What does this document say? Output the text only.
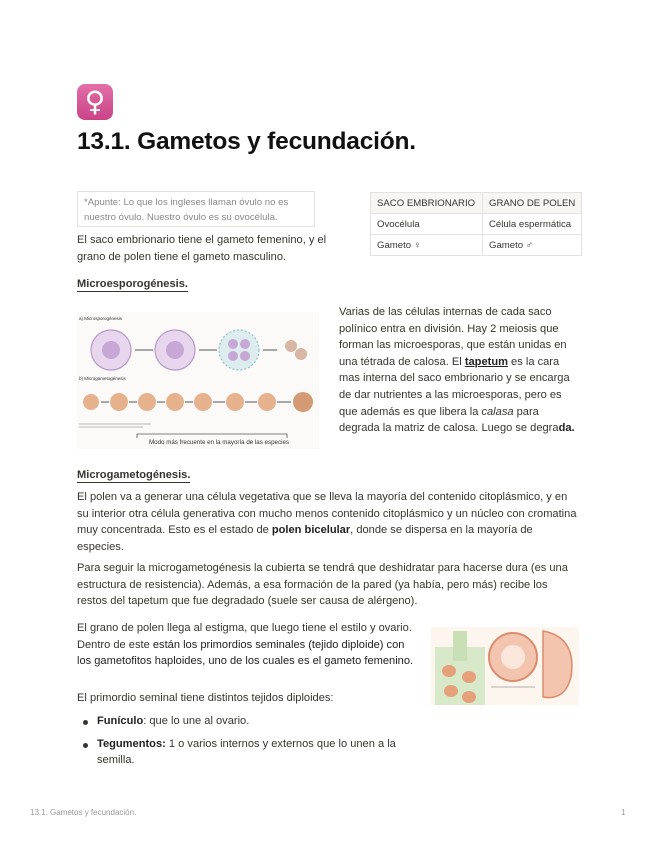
♀
13.1. Gametos y fecundación.
*Apunte: Lo que los ingleses llaman óvulo no es nuestro óvulo. Nuestro óvulo es su ovocélula.

El saco embrionario tiene el gameto femenino, y el grano de polen tiene el gameto masculino.

SACO EMBRIONARIO	GRANO DE POLEN
Ovocélula	Célula espermática
Gameto ♀	Gameto ♂
Microesporogénesis.
a) Microsporogénesis
b) Microgametogénesis
Modo más frecuente en la mayoría de las especies

Varias de las células internas de cada saco polínico entra en división. Hay 2 meiosis que forman las microesporas, que están unidas en una tétrada de calosa. El tapetum es la cara mas interna del saco embrionario y se encarga de dar nutrientes a las microesporas, pero es que además es que libera la calasa para degrada la matriz de calosa. Luego se degrada.

Microgametogénesis.

El polen va a generar una célula vegetativa que se lleva la mayoría del contenido citoplásmico, y en su interior otra célula generativa con mucho menos contenido citoplásmico y un núcleo con cromatina muy concentrada. Esto es el estado de polen bicelular, donde se dispersa en la mayoría de especies.

Para seguir la microgametogénesis la cubierta se tendrá que deshidratar para hacerse dura (es una estructura de resistencia). Además, a esa formación de la pared (ya había, pero más) recibe los restos del tapetum que fue degradado (suele ser causa de alérgeno).

El grano de polen llega al estigma, que luego tiene el estilo y ovario. Dentro de este están los primordios seminales (tejido diploide) con los gametofitos haploides, uno de los cuales es el gameto femenino.

El primordio seminal tiene distintos tejidos diploides:

Funículo: que lo une al ovario.
Tegumentos: 1 o varios internos y externos que lo unen a la semilla.
13.1. Gametos y fecundación.	1
